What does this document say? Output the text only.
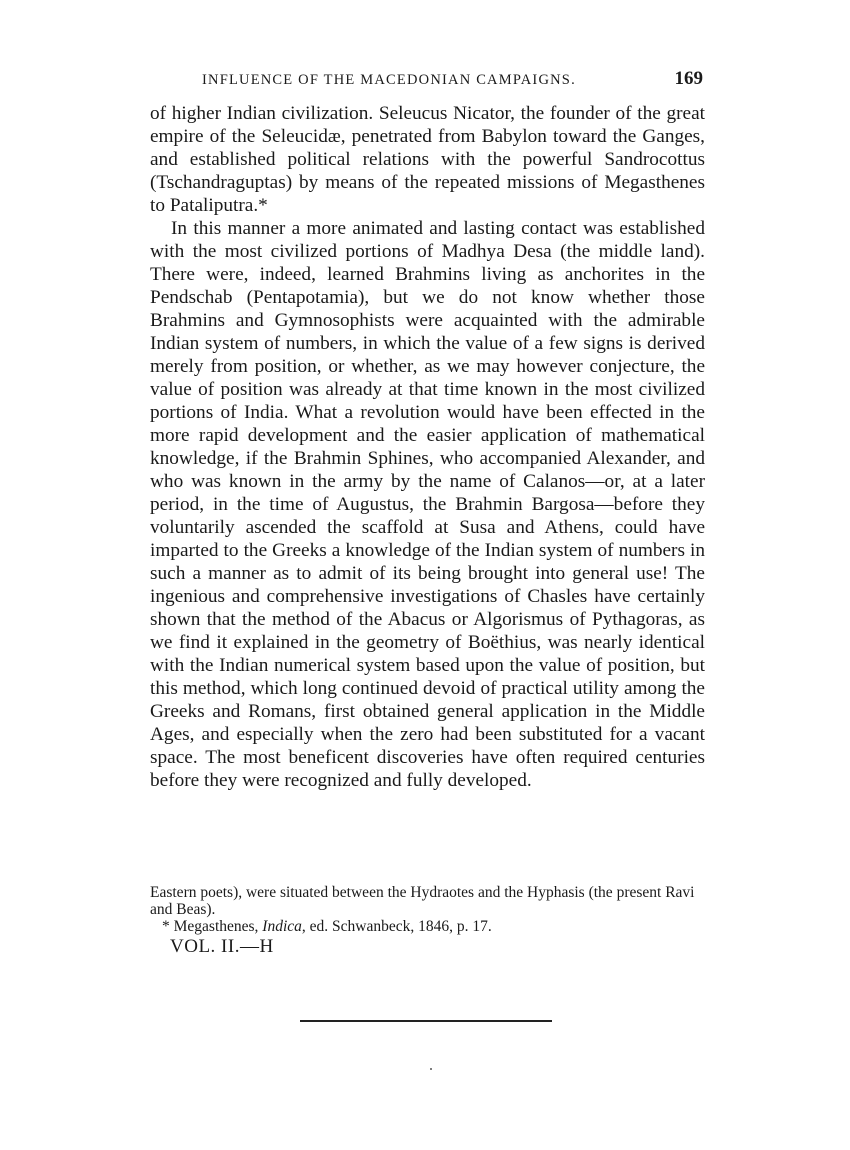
INFLUENCE OF THE MACEDONIAN CAMPAIGNS.	169

of higher Indian civilization. Seleucus Nicator, the founder of the great empire of the Seleucidæ, penetrated from Babylon toward the Ganges, and established political relations with the powerful Sandrocottus (Tschandraguptas) by means of the repeated missions of Megasthenes to Pataliputra.*

In this manner a more animated and lasting contact was established with the most civilized portions of Madhya Desa (the middle land). There were, indeed, learned Brahmins living as anchorites in the Pendschab (Pentapotamia), but we do not know whether those Brahmins and Gymnosophists were acquainted with the admirable Indian system of numbers, in which the value of a few signs is derived merely from position, or whether, as we may however conjecture, the value of position was already at that time known in the most civilized portions of India. What a revolution would have been effected in the more rapid development and the easier application of mathematical knowledge, if the Brahmin Sphines, who accompanied Alexander, and who was known in the army by the name of Calanos—or, at a later period, in the time of Augustus, the Brahmin Bargosa—before they voluntarily ascended the scaffold at Susa and Athens, could have imparted to the Greeks a knowledge of the Indian system of numbers in such a manner as to admit of its being brought into general use! The ingenious and comprehensive investigations of Chasles have certainly shown that the method of the Abacus or Algorismus of Pythagoras, as we find it explained in the geometry of Boëthius, was nearly identical with the Indian numerical system based upon the value of position, but this method, which long continued devoid of practical utility among the Greeks and Romans, first obtained general application in the Middle Ages, and especially when the zero had been substituted for a vacant space. The most beneficent discoveries have often required centuries before they were recognized and fully developed.

Eastern poets), were situated between the Hydraotes and the Hyphasis (the present Ravi and Beas).

* Megasthenes, Indica, ed. Schwanbeck, 1846, p. 17.

VOL. II.—H
